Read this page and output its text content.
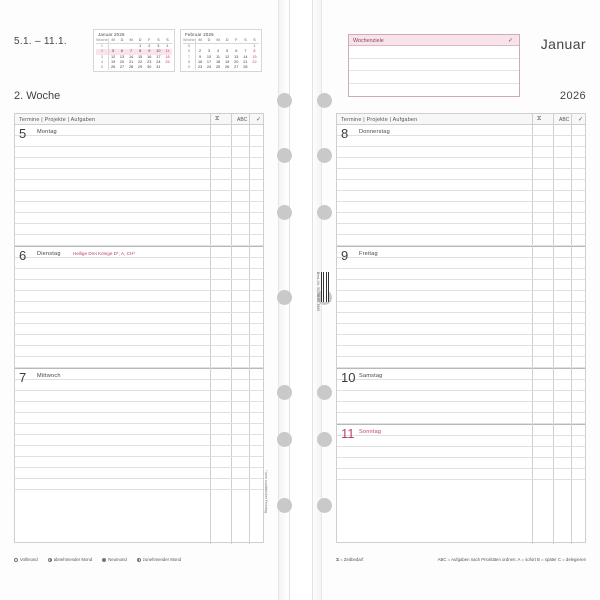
5.1. – 11.1.
2. Woche
Januar 2026
Woche	M	D	M	D	F	S	S
1				1	2	3	4
2	5	6	7	8	9	10	11
3	12	13	14	15	16	17	18
4	19	20	21	22	23	24	25
5	26	27	28	29	30	31	
Februar 2026
Woche	M	D	M	D	F	S	S
5							1
6	2	3	4	5	6	7	8
7	9	10	11	12	13	14	15
8	16	17	18	19	20	21	22
9	23	24	25	26	27	28	
Termine | Projekte | Aufgaben	⧖	ABC ✓
5 Montag
6 Dienstag	Heilige Drei Könige D*, A, CH*
7 Mittwoch
Vollmond	abnehmender Mond	Neumond	zunehmender Mond
* kein zusätzlicher Feiertag
Best.-Nr. 50206 50-3065
Januar
2026
Wochenziele	✓
Termine | Projekte | Aufgaben	⧖	ABC ✓
8 Donnerstag
9 Freitag
10 Samstag
11 Sonntag
⧖ = Zeitbedarf	ABC = Aufgaben nach Prioritäten ordnen: A = sofort B = später C = delegieren
